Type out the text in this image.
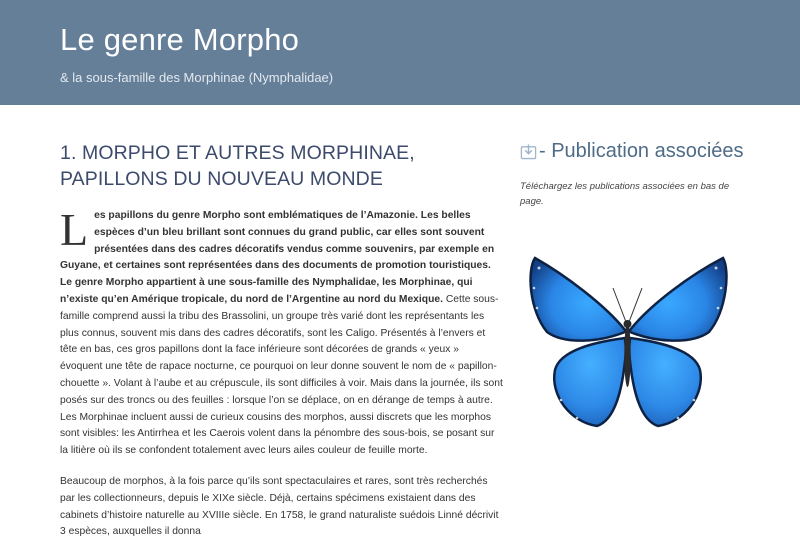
Le genre Morpho

& la sous-famille des Morphinae (Nymphalidae)

1. MORPHO ET AUTRES MORPHINAE, PAPILLONS DU NOUVEAU MONDE

Les papillons du genre Morpho sont emblématiques de l’Amazonie. Les belles espèces d’un bleu brillant sont connues du grand public, car elles sont souvent présentées dans des cadres décoratifs vendus comme souvenirs, par exemple en Guyane, et certaines sont représentées dans des documents de promotion touristiques. Le genre Morpho appartient à une sous-famille des Nymphalidae, les Morphinae, qui n’existe qu’en Amérique tropicale, du nord de l’Argentine au nord du Mexique. Cette sous-famille comprend aussi la tribu des Brassolini, un groupe très varié dont les représentants les plus connus, souvent mis dans des cadres décoratifs, sont les Caligo. Présentés à l’envers et tête en bas, ces gros papillons dont la face inférieure sont décorées de grands « yeux » évoquent une tête de rapace nocturne, ce pourquoi on leur donne souvent le nom de « papillon-chouette ». Volant à l’aube et au crépuscule, ils sont difficiles à voir. Mais dans la journée, ils sont posés sur des troncs ou des feuilles : lorsque l’on se déplace, on en dérange de temps à autre. Les Morphinae incluent aussi de curieux cousins des morphos, aussi discrets que les morphos sont visibles: les Antirrhea et les Caerois volent dans la pénombre des sous-bois, se posant sur la litière où ils se confondent totalement avec leurs ailes couleur de feuille morte.

Beaucoup de morphos, à la fois parce qu’ils sont spectaculaires et rares, sont très recherchés par les collectionneurs, depuis le XIXe siècle. Déjà, certains spécimens existaient dans des cabinets d’histoire naturelle au XVIIIe siècle. En 1758, le grand naturaliste suédois Linné décrivit 3 espèces, auxquelles il donna

- Publication associées

Téléchargez les publications associées en bas de page.
